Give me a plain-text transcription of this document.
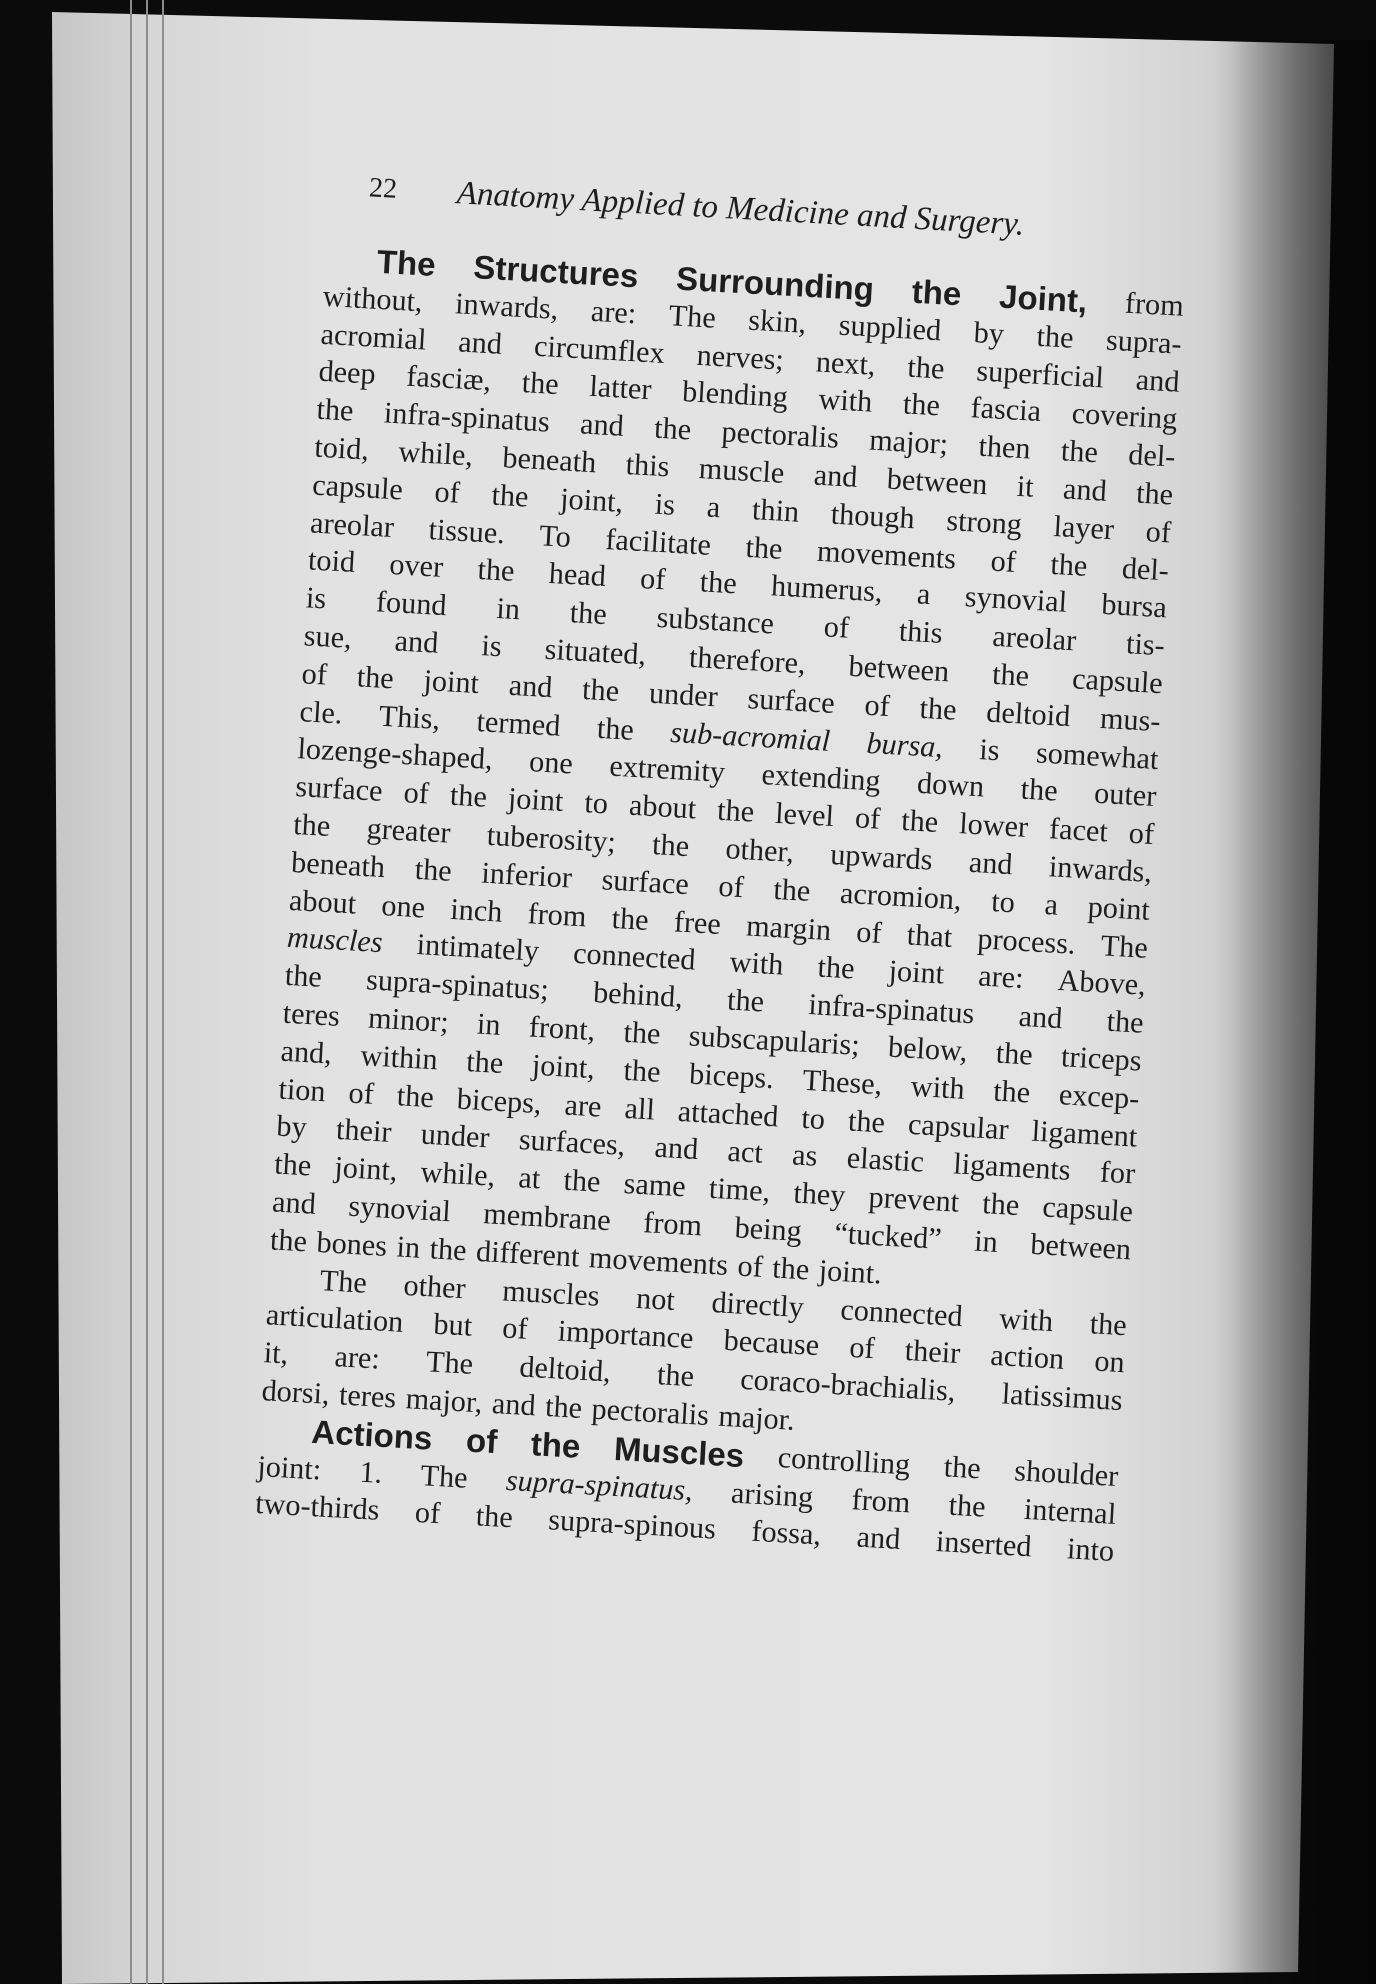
22 Anatomy Applied to Medicine and Surgery.
The Structures Surrounding the Joint, from
without, inwards, are: The skin, supplied by the supra-
acromial and circumflex nerves; next, the superficial and
deep fasciæ, the latter blending with the fascia covering
the infra-spinatus and the pectoralis major; then the del-
toid, while, beneath this muscle and between it and the
capsule of the joint, is a thin though strong layer of
areolar tissue. To facilitate the movements of the del-
toid over the head of the humerus, a synovial bursa
is found in the substance of this areolar tis-
sue, and is situated, therefore, between the capsule
of the joint and the under surface of the deltoid mus-
cle. This, termed the sub-acromial bursa, is somewhat
lozenge-shaped, one extremity extending down the outer
surface of the joint to about the level of the lower facet of
the greater tuberosity; the other, upwards and inwards,
beneath the inferior surface of the acromion, to a point
about one inch from the free margin of that process. The
muscles intimately connected with the joint are: Above,
the supra-spinatus; behind, the infra-spinatus and the
teres minor; in front, the subscapularis; below, the triceps
and, within the joint, the biceps. These, with the excep-
tion of the biceps, are all attached to the capsular ligament
by their under surfaces, and act as elastic ligaments for
the joint, while, at the same time, they prevent the capsule
and synovial membrane from being “tucked” in between
the bones in the different movements of the joint.
The other muscles not directly connected with the
articulation but of importance because of their action on
it, are: The deltoid, the coraco-brachialis, latissimus
dorsi, teres major, and the pectoralis major.
Actions of the Muscles controlling the shoulder
joint: 1. The supra-spinatus, arising from the internal
two-thirds of the supra-spinous fossa, and inserted into
